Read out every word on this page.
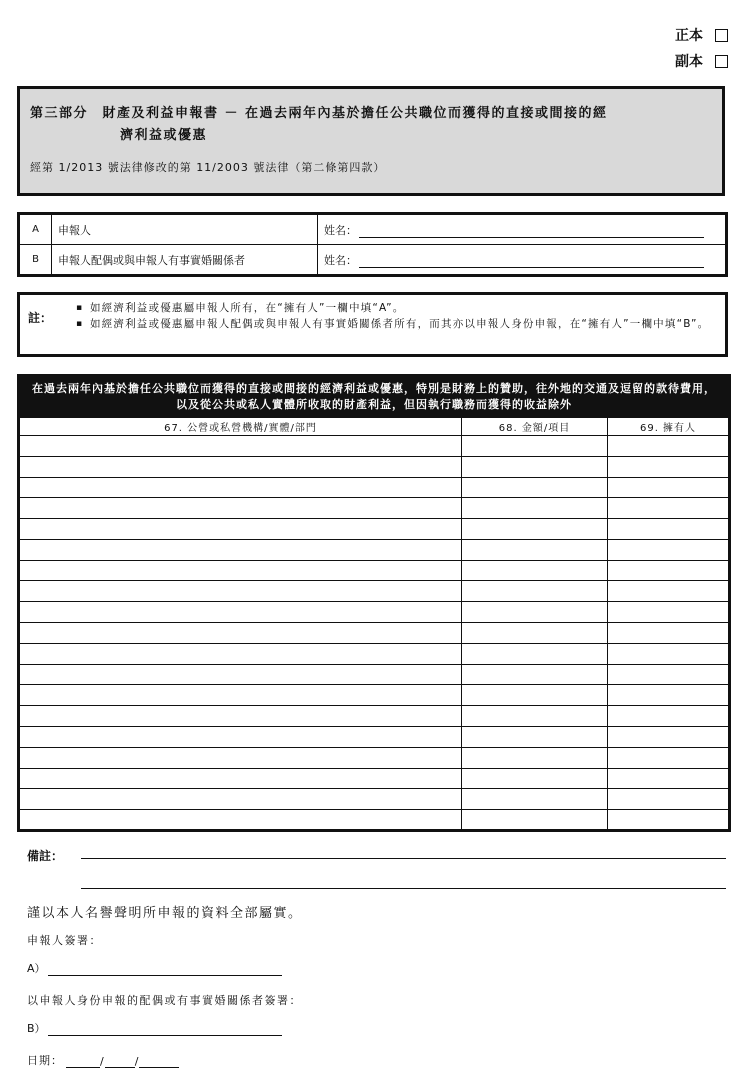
正本
副本
第三部分　財產及利益申報書 － 在過去兩年內基於擔任公共職位而獲得的直接或間接的經
濟利益或優惠
經第 1/2013 號法律修改的第 11/2003 號法律（第二條第四款）
A	申報人	姓名：
B	申報人配偶或與申報人有事實婚關係者	姓名：
註：
▪ 如經濟利益或優惠屬申報人所有，在“擁有人”一欄中填“A”。
▪ 如經濟利益或優惠屬申報人配偶或與申報人有事實婚關係者所有，而其亦以申報人身份申報，在“擁有人”一欄中填“B”。
在過去兩年內基於擔任公共職位而獲得的直接或間接的經濟利益或優惠，特別是財務上的贊助，往外地的交通及逗留的款待費用，以及從公共或私人實體所收取的財產利益，但因執行職務而獲得的收益除外		
67. 公營或私營機構/實體/部門	68. 金額/項目	69. 擁有人

備註：
謹以本人名譽聲明所申報的資料全部屬實。
申報人簽署：
A）
以申報人身份申報的配偶或有事實婚關係者簽署：
B）
日期：	/	/
